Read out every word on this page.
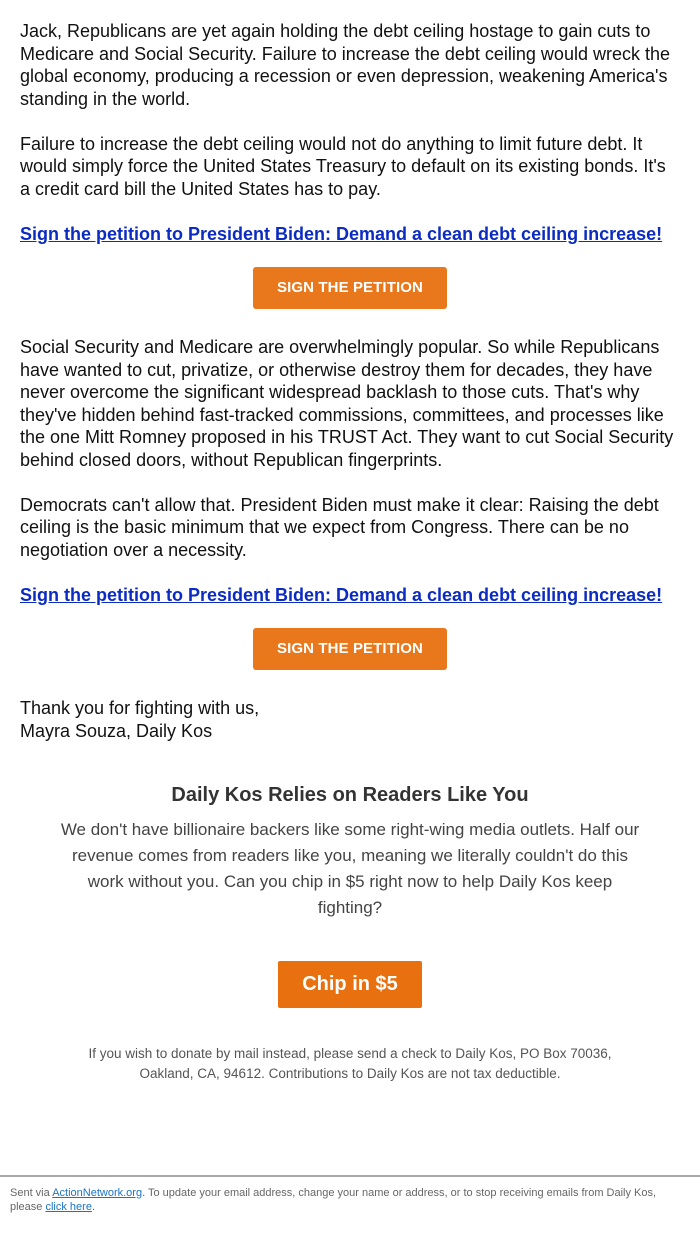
Jack, Republicans are yet again holding the debt ceiling hostage to gain cuts to Medicare and Social Security. Failure to increase the debt ceiling would wreck the global economy, producing a recession or even depression, weakening America's standing in the world.

Failure to increase the debt ceiling would not do anything to limit future debt. It would simply force the United States Treasury to default on its existing bonds. It's a credit card bill the United States has to pay.

Sign the petition to President Biden: Demand a clean debt ceiling increase!

SIGN THE PETITION

Social Security and Medicare are overwhelmingly popular. So while Republicans have wanted to cut, privatize, or otherwise destroy them for decades, they have never overcome the significant widespread backlash to those cuts. That's why they've hidden behind fast-tracked commissions, committees, and processes like the one Mitt Romney proposed in his TRUST Act. They want to cut Social Security behind closed doors, without Republican fingerprints.

Democrats can't allow that. President Biden must make it clear: Raising the debt ceiling is the basic minimum that we expect from Congress. There can be no negotiation over a necessity.

Sign the petition to President Biden: Demand a clean debt ceiling increase!

SIGN THE PETITION

Thank you for fighting with us,

Mayra Souza, Daily Kos

Daily Kos Relies on Readers Like You

We don't have billionaire backers like some right-wing media outlets. Half our revenue comes from readers like you, meaning we literally couldn't do this work without you. Can you chip in $5 right now to help Daily Kos keep fighting?

Chip in $5
If you wish to donate by mail instead, please send a check to Daily Kos, PO Box 70036, Oakland, CA, 94612. Contributions to Daily Kos are not tax deductible.
Sent via ActionNetwork.org. To update your email address, change your name or address, or to stop receiving emails from Daily Kos, please click here.
